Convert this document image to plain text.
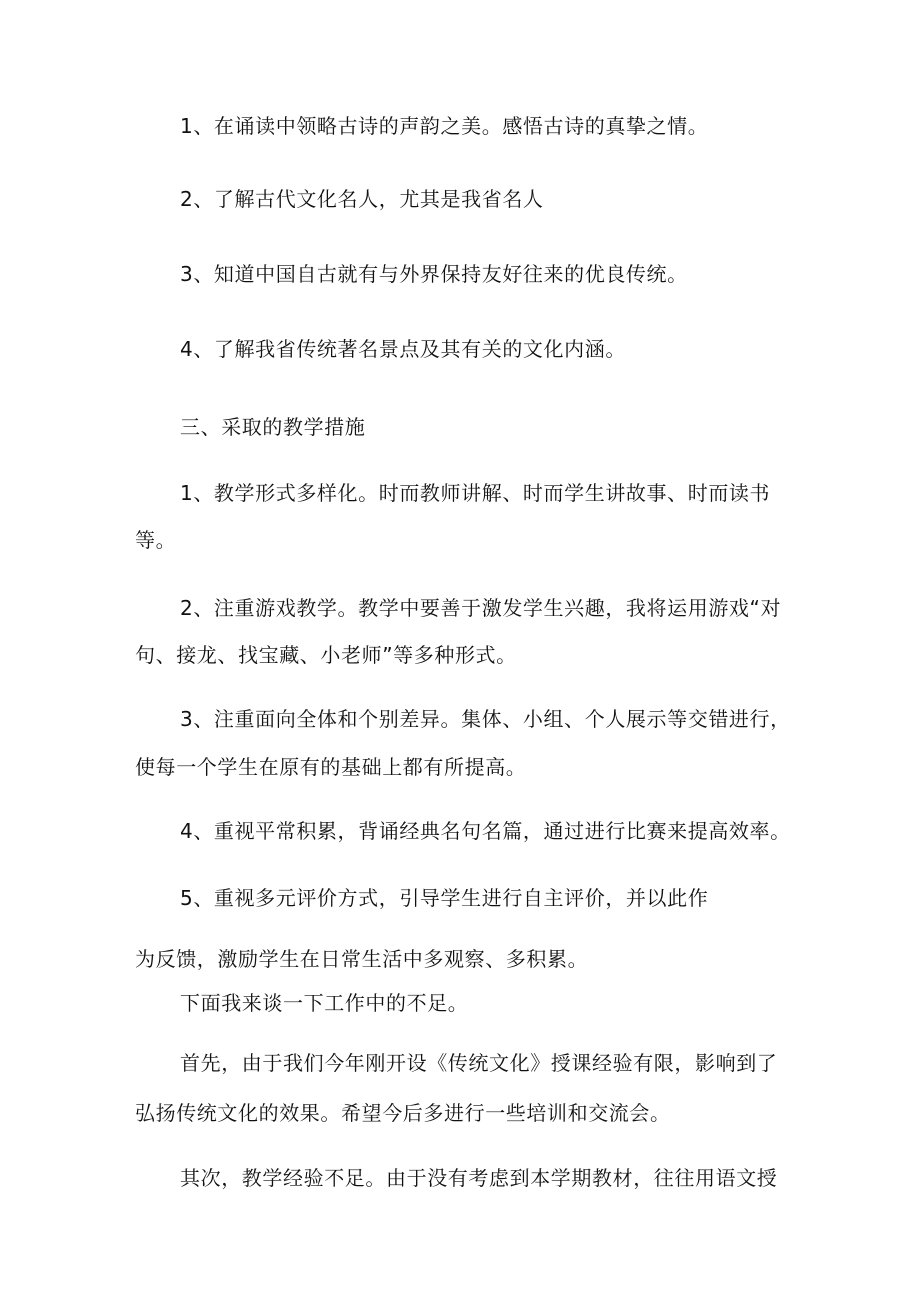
1、在诵读中领略古诗的声韵之美。感悟古诗的真挚之情。
2、了解古代文化名人，尤其是我省名人
3、知道中国自古就有与外界保持友好往来的优良传统。
4、了解我省传统著名景点及其有关的文化内涵。
三、采取的教学措施
1、教学形式多样化。时而教师讲解、时而学生讲故事、时而读书
等。
2、注重游戏教学。教学中要善于激发学生兴趣，我将运用游戏“对
句、接龙、找宝藏、小老师”等多种形式。
3、注重面向全体和个别差异。集体、小组、个人展示等交错进行，
使每一个学生在原有的基础上都有所提高。
4、重视平常积累，背诵经典名句名篇，通过进行比赛来提高效率。
5、重视多元评价方式，引导学生进行自主评价，并以此作
为反馈，激励学生在日常生活中多观察、多积累。
下面我来谈一下工作中的不足。
首先，由于我们今年刚开设《传统文化》授课经验有限，影响到了
弘扬传统文化的效果。希望今后多进行一些培训和交流会。
其次，教学经验不足。由于没有考虑到本学期教材，往往用语文授
